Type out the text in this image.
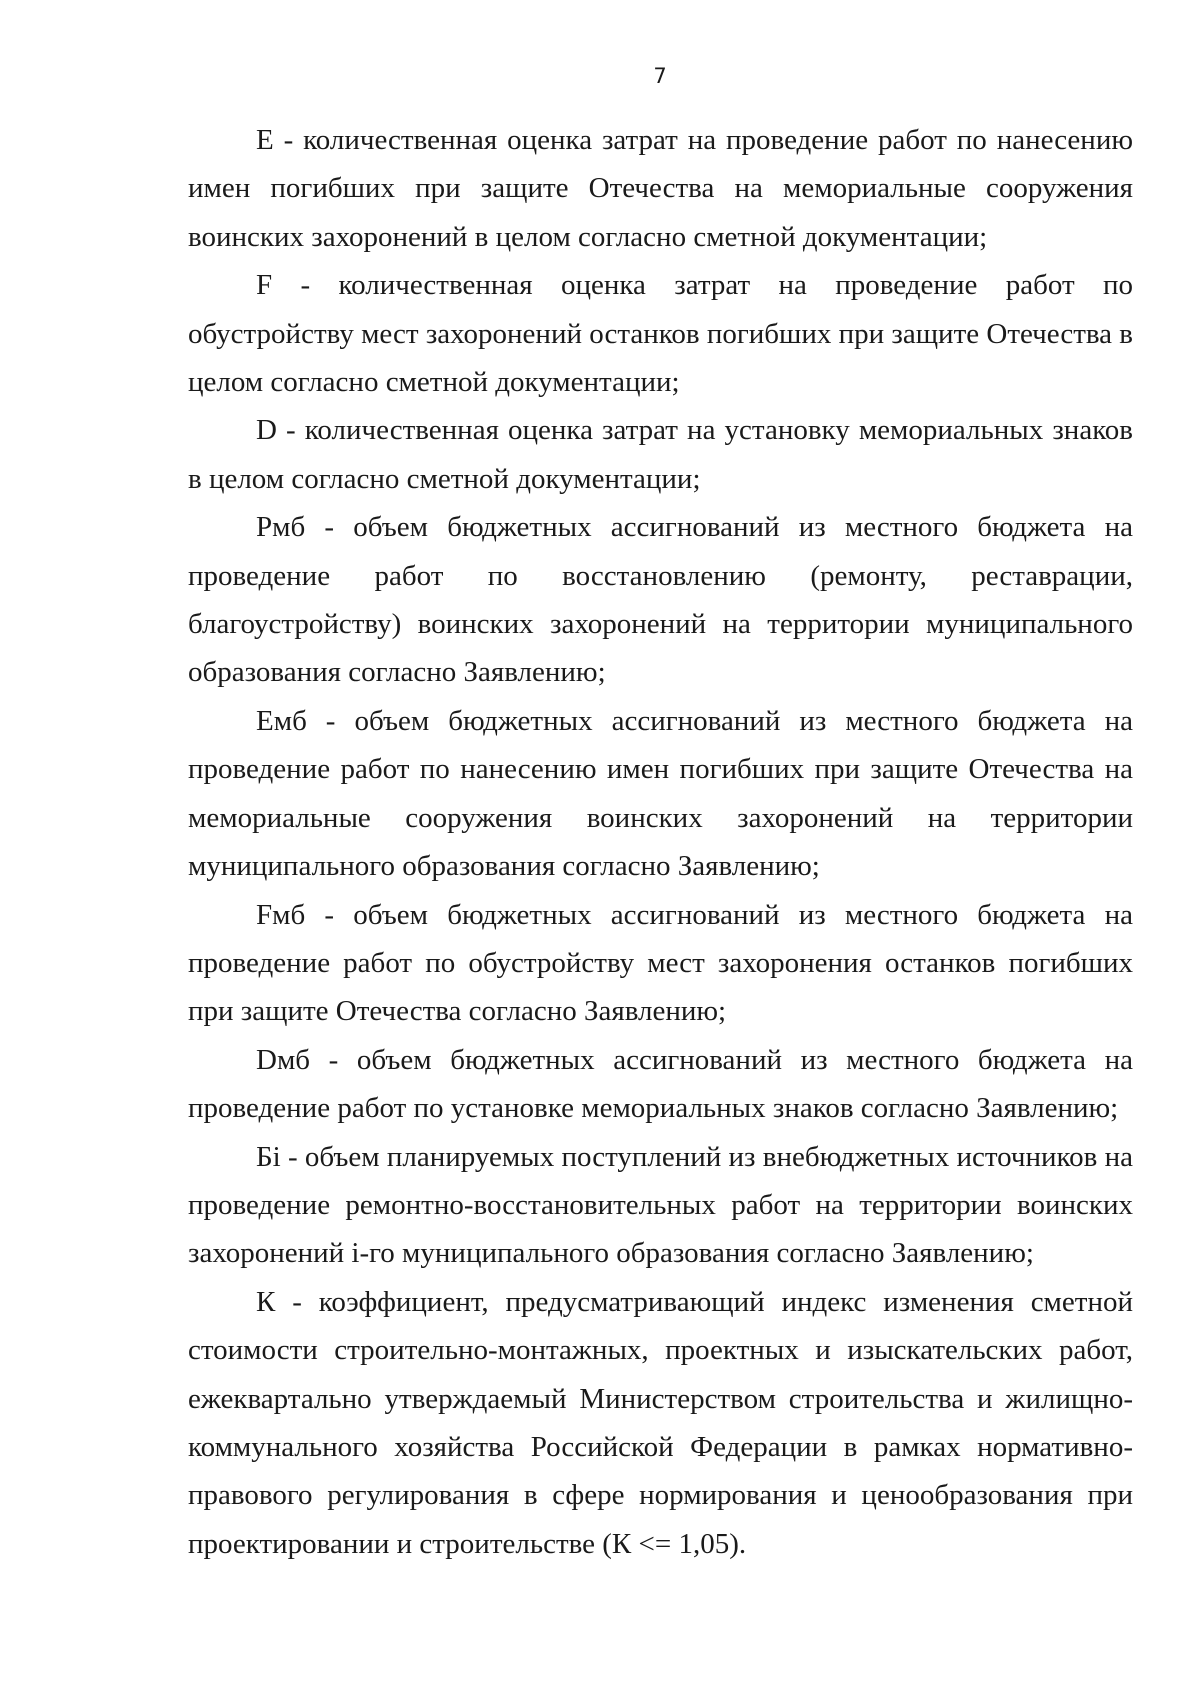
7

E - количественная оценка затрат на проведение работ по нанесению имен погибших при защите Отечества на мемориальные сооружения воинских захоронений в целом согласно сметной документации;

F - количественная оценка затрат на проведение работ по обустройству мест захоронений останков погибших при защите Отечества в целом согласно сметной документации;

D - количественная оценка затрат на установку мемориальных знаков в целом согласно сметной документации;

Рмб - объем бюджетных ассигнований из местного бюджета на проведение работ по восстановлению (ремонту, реставрации, благоустройству) воинских захоронений на территории муниципального образования согласно Заявлению;

Емб - объем бюджетных ассигнований из местного бюджета на проведение работ по нанесению имен погибших при защите Отечества на мемориальные сооружения воинских захоронений на территории муниципального образования согласно Заявлению;

Fмб - объем бюджетных ассигнований из местного бюджета на проведение работ по обустройству мест захоронения останков погибших при защите Отечества согласно Заявлению;

Dмб - объем бюджетных ассигнований из местного бюджета на проведение работ по установке мемориальных знаков согласно Заявлению;

Бi - объем планируемых поступлений из внебюджетных источников на проведение ремонтно-восстановительных работ на территории воинских захоронений i-го муниципального образования согласно Заявлению;

К - коэффициент, предусматривающий индекс изменения сметной стоимости строительно-монтажных, проектных и изыскательских работ, ежеквартально утверждаемый Министерством строительства и жилищно-коммунального хозяйства Российской Федерации в рамках нормативно-правового регулирования в сфере нормирования и ценообразования при проектировании и строительстве (К <= 1,05).
